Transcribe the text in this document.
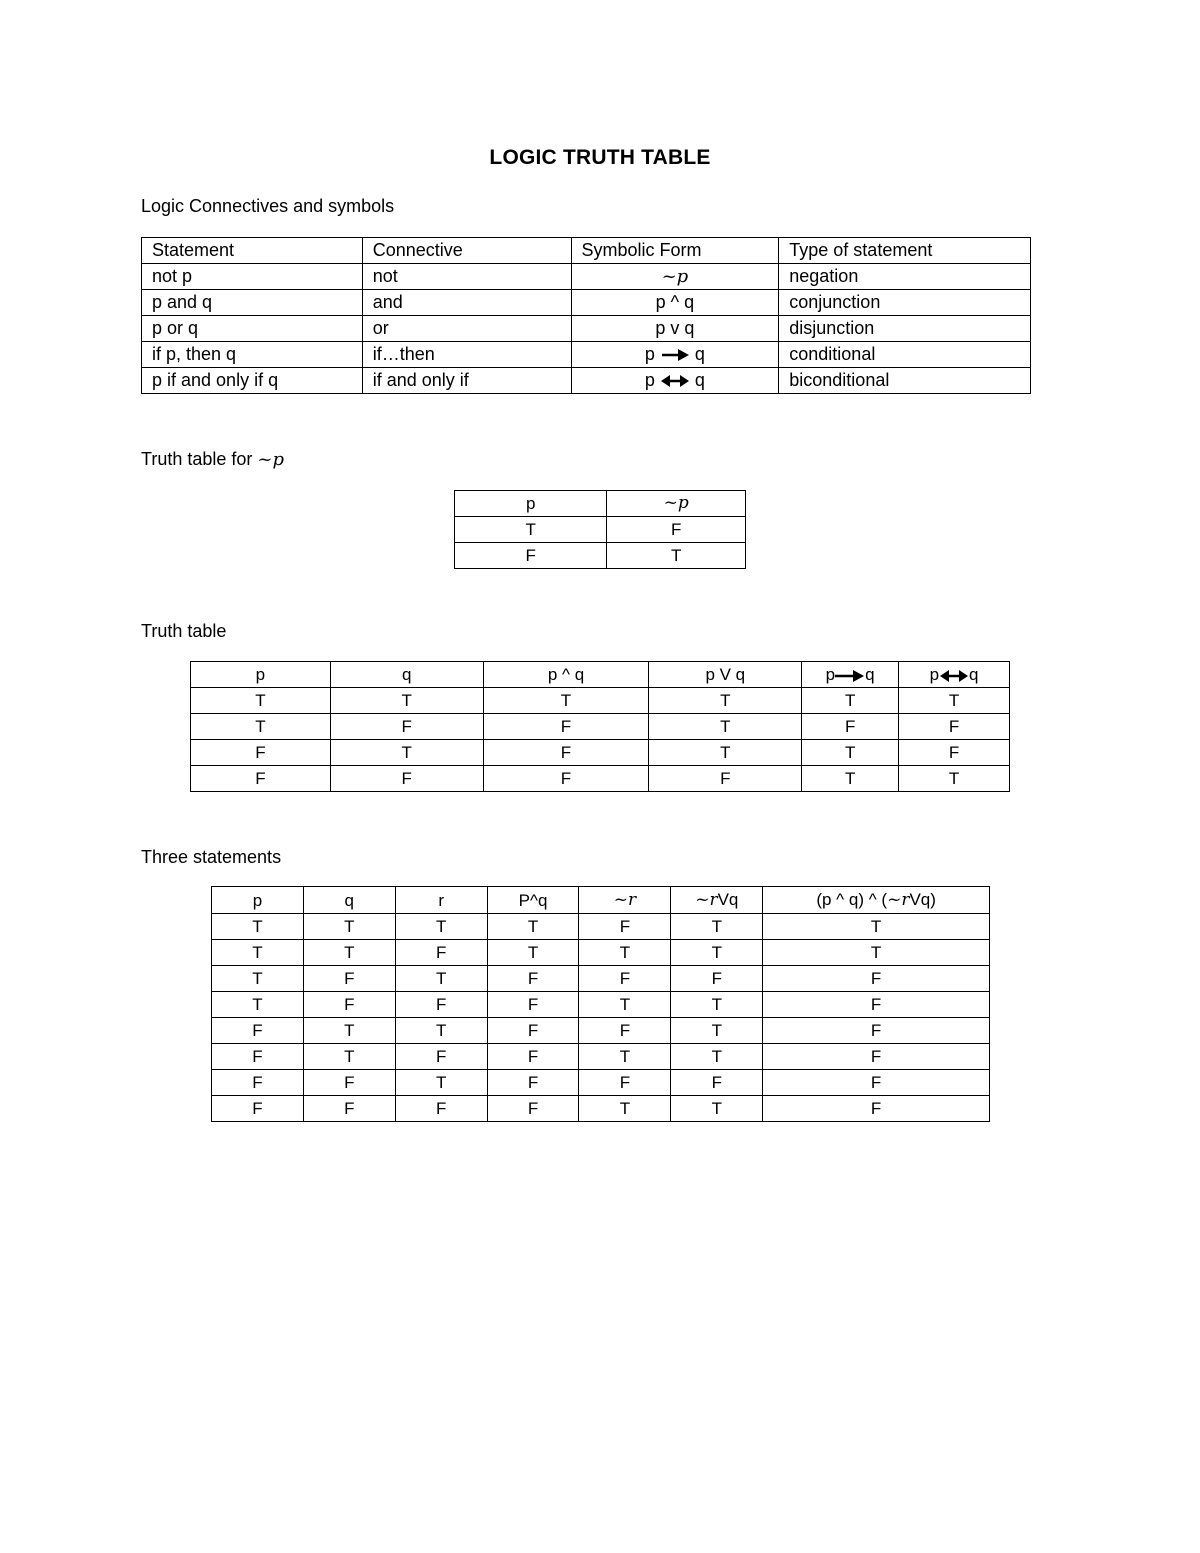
LOGIC TRUTH TABLE
Logic Connectives and symbols
Statement	Connective	Symbolic Form	Type of statement
not p	not	~p	negation
p and q	and	p ^ q	conjunction
p or q	or	p v q	disjunction
if p, then q	if…then	p q	conditional
p if and only if q	if and only if	p q	biconditional
Truth table for ~p
p	~p
T	F
F	T
Truth table
p	q	p ^ q	p V q	p q	p q
T	T	T	T	T	T
T	F	F	T	F	F
F	T	F	T	T	F
F	F	F	F	T	T
Three statements
p	q	r	P^q	~r	~rVq	(p ^ q) ^ (~rVq)
T	T	T	T	F	T	T
T	T	F	T	T	T	T
T	F	T	F	F	F	F
T	F	F	F	T	T	F
F	T	T	F	F	T	F
F	T	F	F	T	T	F
F	F	T	F	F	F	F
F	F	F	F	T	T	F
